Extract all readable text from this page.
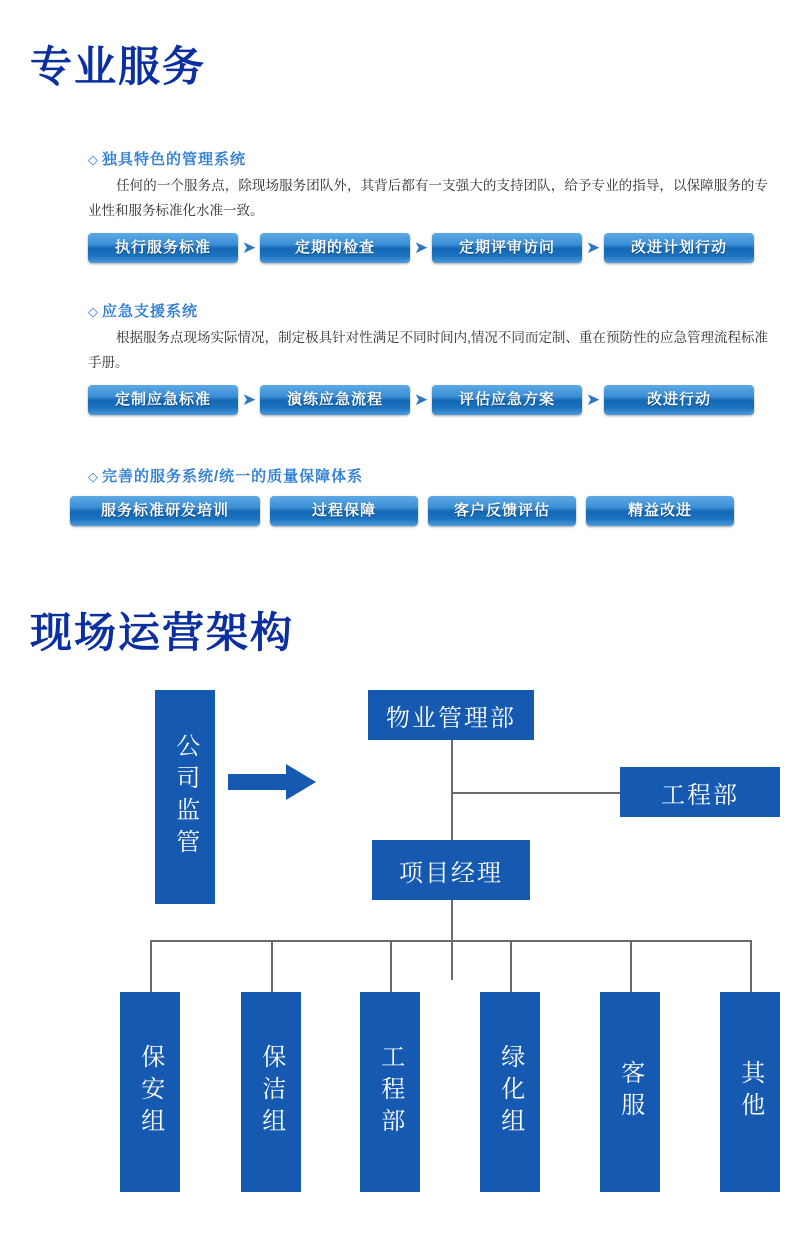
专业服务
◇ 独具特色的管理系统

任何的一个服务点，除现场服务团队外，其背后都有一支强大的支持团队，给予专业的指导，以保障服务的专业性和服务标准化水准一致。

执行服务标准	➤	定期的检查	➤	定期评审访问	➤	改进计划行动
◇ 应急支援系统

根据服务点现场实际情况，制定极具针对性满足不同时间内,情况不同而定制、重在预防性的应急管理流程标准手册。

定制应急标准	➤	演练应急流程	➤	评估应急方案	➤	改进行动
◇ 完善的服务系统/统一的质量保障体系
服务标准研发培训	过程保障	客户反馈评估	精益改进
现场运营架构
公司监管
物业管理部
工程部
项目经理
保安组	保洁组	工程部	绿化组	客服	其他
